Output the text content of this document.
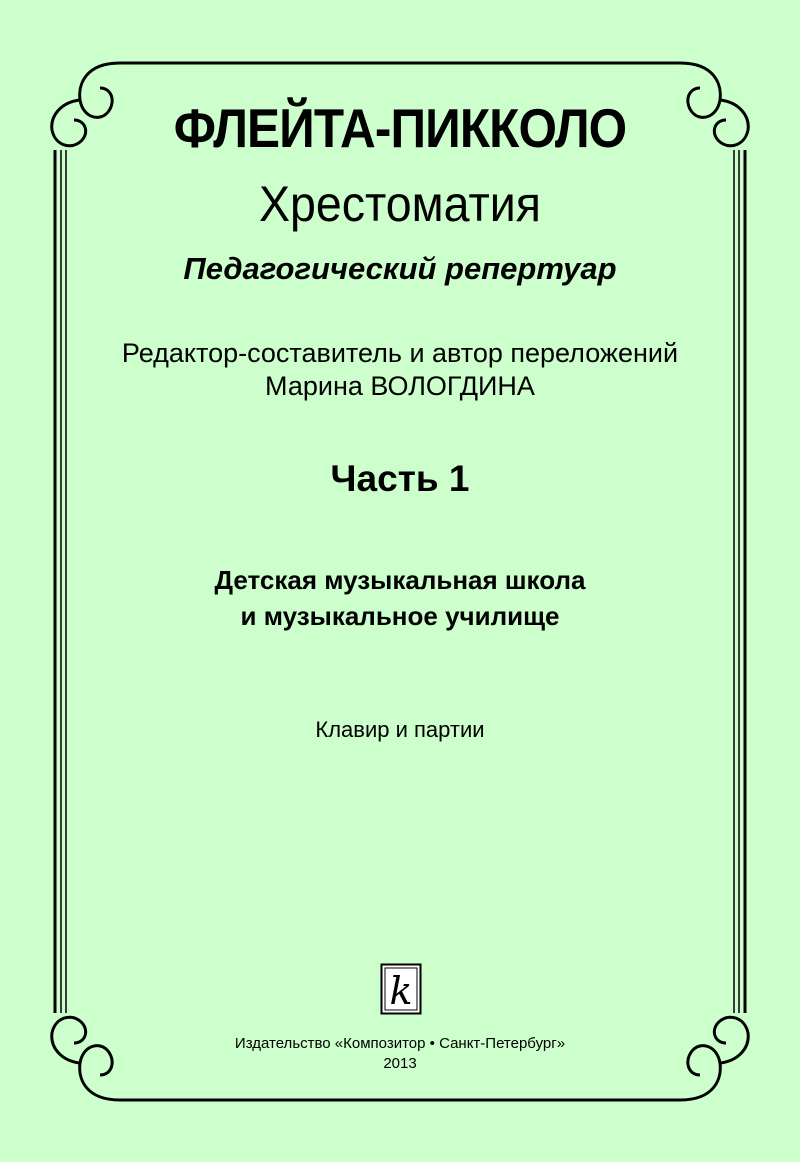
ФЛЕЙТА-ПИККОЛО

Хрестоматия

Педагогический репертуар

Редактор-составитель и автор переложений

Марина ВОЛОГДИНА

Часть 1

Детская музыкальная школа

и музыкальное училище

Клавир и партии

k

Издательство «Композитор • Санкт-Петербург»

2013
